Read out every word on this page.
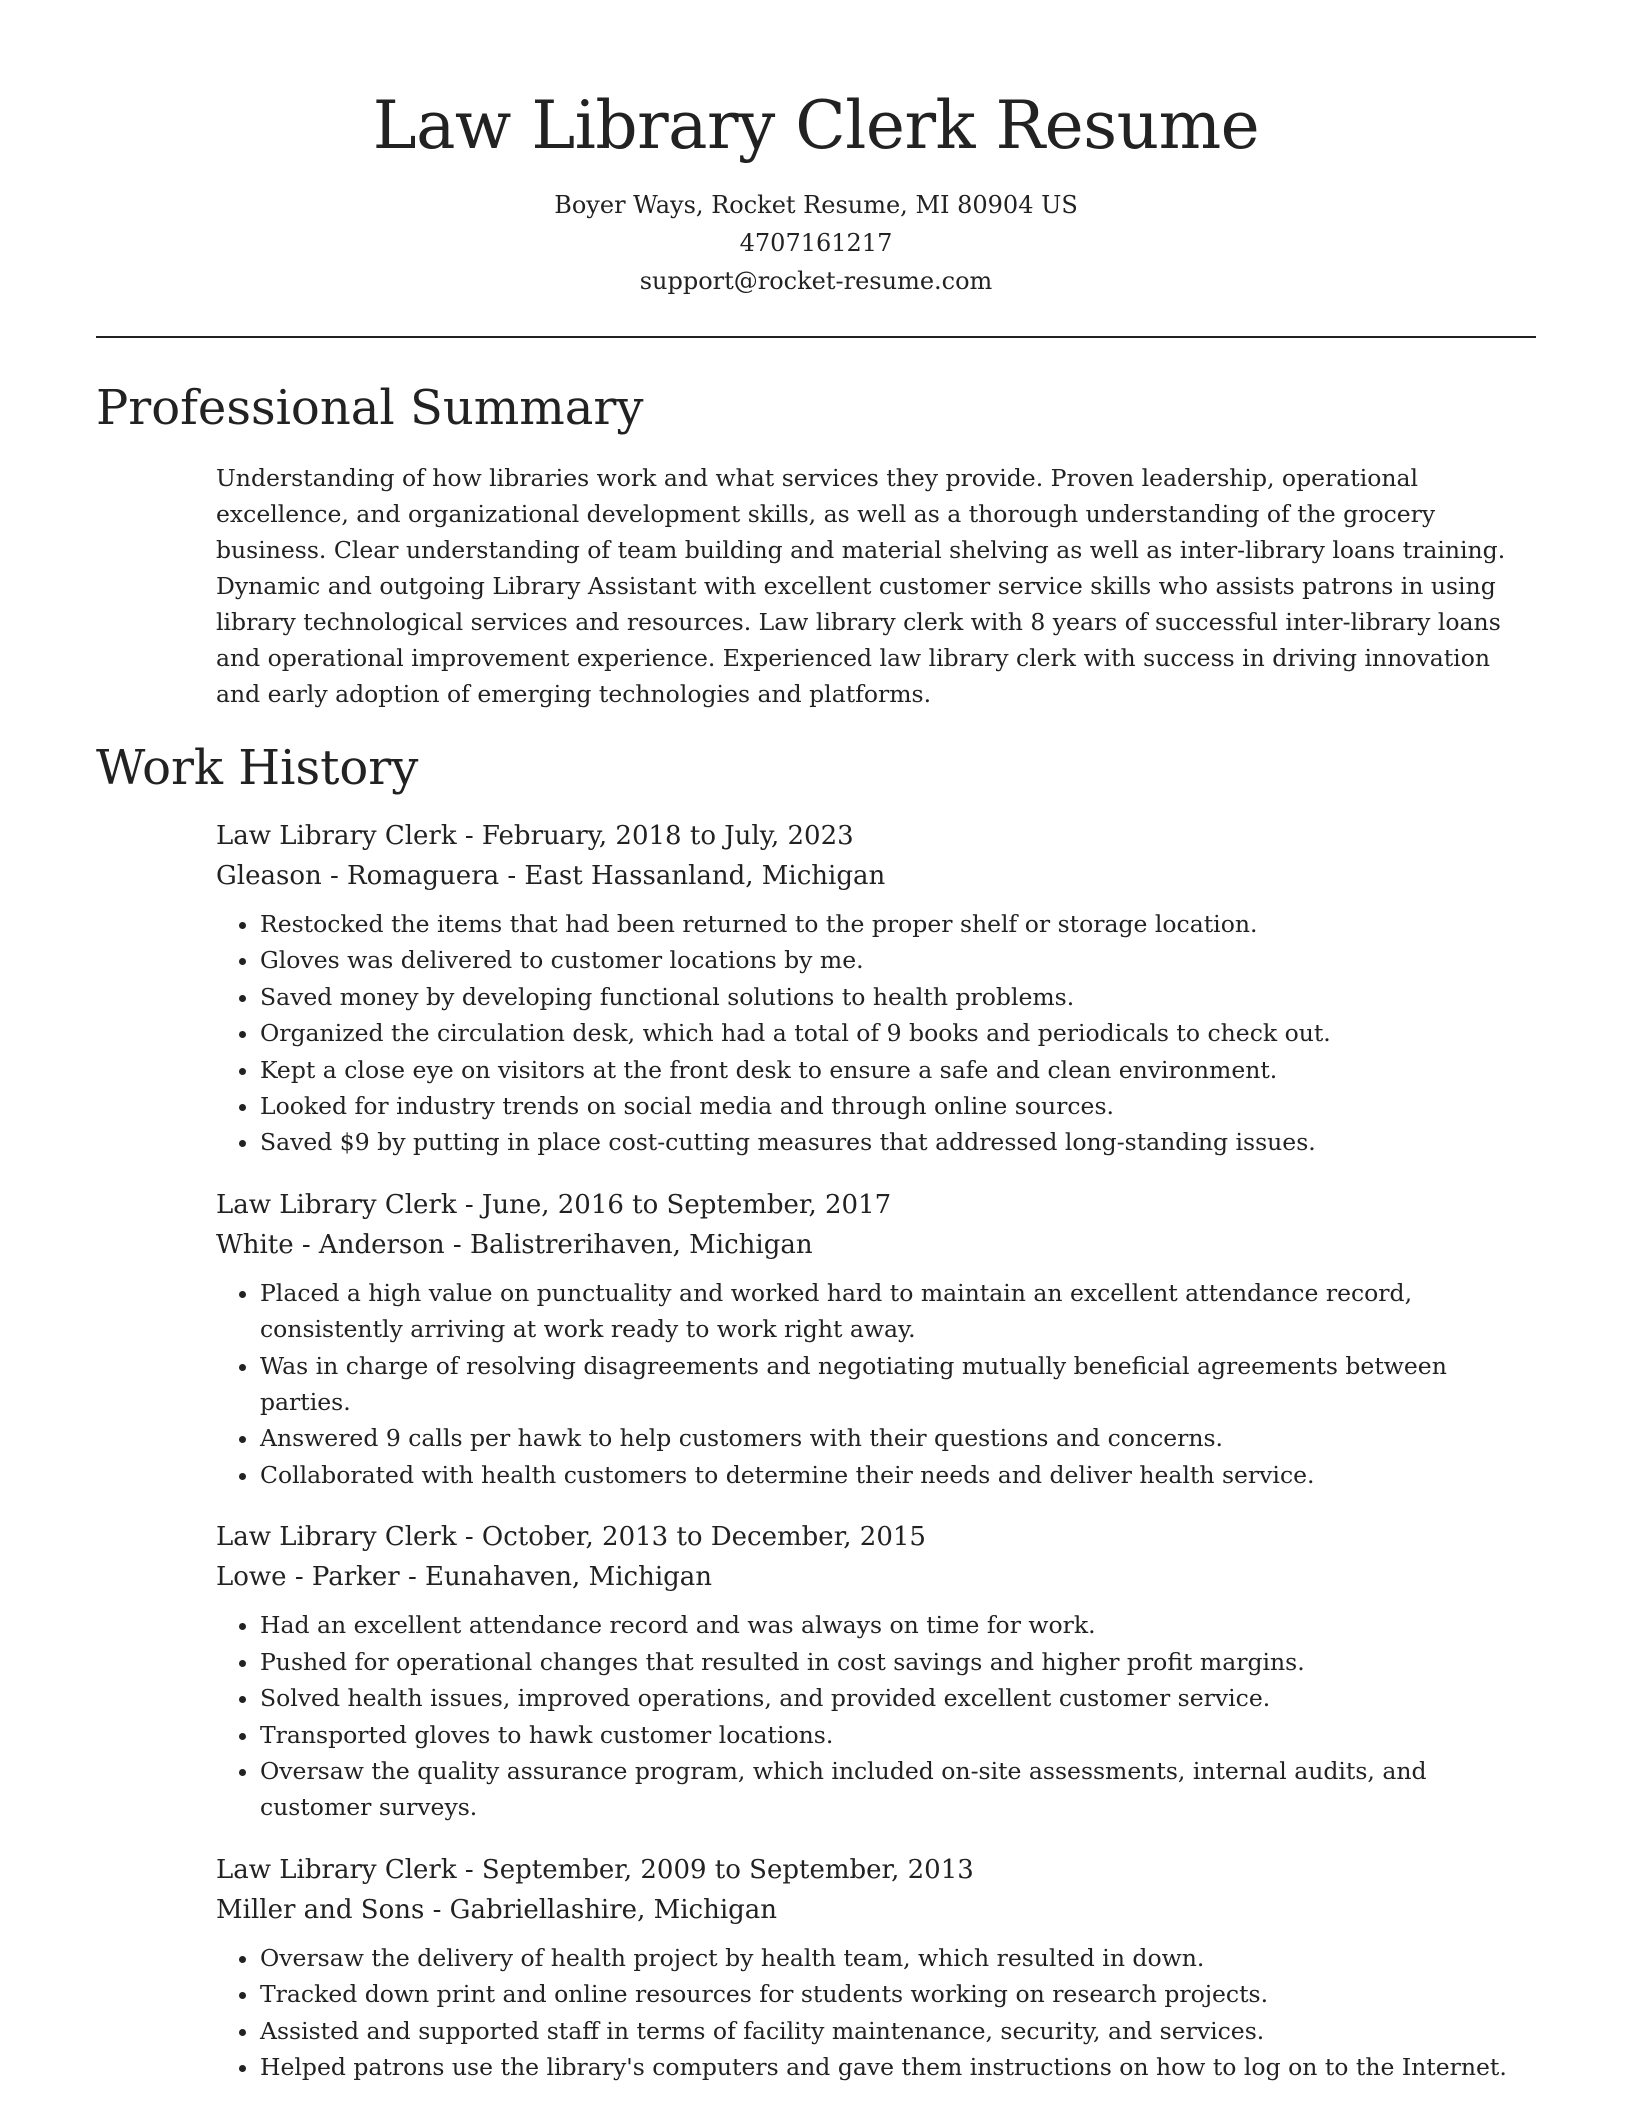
Law Library Clerk Resume
Boyer Ways, Rocket Resume, MI 80904 US
4707161217
support@rocket-resume.com
Professional Summary

Understanding of how libraries work and what services they provide. Proven leadership, operational excellence, and organizational development skills, as well as a thorough understanding of the grocery business. Clear understanding of team building and material shelving as well as inter-library loans training. Dynamic and outgoing Library Assistant with excellent customer service skills who assists patrons in using library technological services and resources. Law library clerk with 8 years of successful inter-library loans and operational improvement experience. Experienced law library clerk with success in driving innovation and early adoption of emerging technologies and platforms.

Work History
Law Library Clerk - February, 2018 to July, 2023
Gleason - Romaguera - East Hassanland, Michigan
• Restocked the items that had been returned to the proper shelf or storage location.
• Gloves was delivered to customer locations by me.
• Saved money by developing functional solutions to health problems.
• Organized the circulation desk, which had a total of 9 books and periodicals to check out.
• Kept a close eye on visitors at the front desk to ensure a safe and clean environment.
• Looked for industry trends on social media and through online sources.
• Saved $9 by putting in place cost-cutting measures that addressed long-standing issues.
Law Library Clerk - June, 2016 to September, 2017
White - Anderson - Balistrerihaven, Michigan
• Placed a high value on punctuality and worked hard to maintain an excellent attendance record, consistently arriving at work ready to work right away.
• Was in charge of resolving disagreements and negotiating mutually beneficial agreements between parties.
• Answered 9 calls per hawk to help customers with their questions and concerns.
• Collaborated with health customers to determine their needs and deliver health service.
Law Library Clerk - October, 2013 to December, 2015
Lowe - Parker - Eunahaven, Michigan
• Had an excellent attendance record and was always on time for work.
• Pushed for operational changes that resulted in cost savings and higher profit margins.
• Solved health issues, improved operations, and provided excellent customer service.
• Transported gloves to hawk customer locations.
• Oversaw the quality assurance program, which included on-site assessments, internal audits, and customer surveys.
Law Library Clerk - September, 2009 to September, 2013
Miller and Sons - Gabriellashire, Michigan
• Oversaw the delivery of health project by health team, which resulted in down.
• Tracked down print and online resources for students working on research projects.
• Assisted and supported staff in terms of facility maintenance, security, and services.
• Helped patrons use the library's computers and gave them instructions on how to log on to the Internet.
